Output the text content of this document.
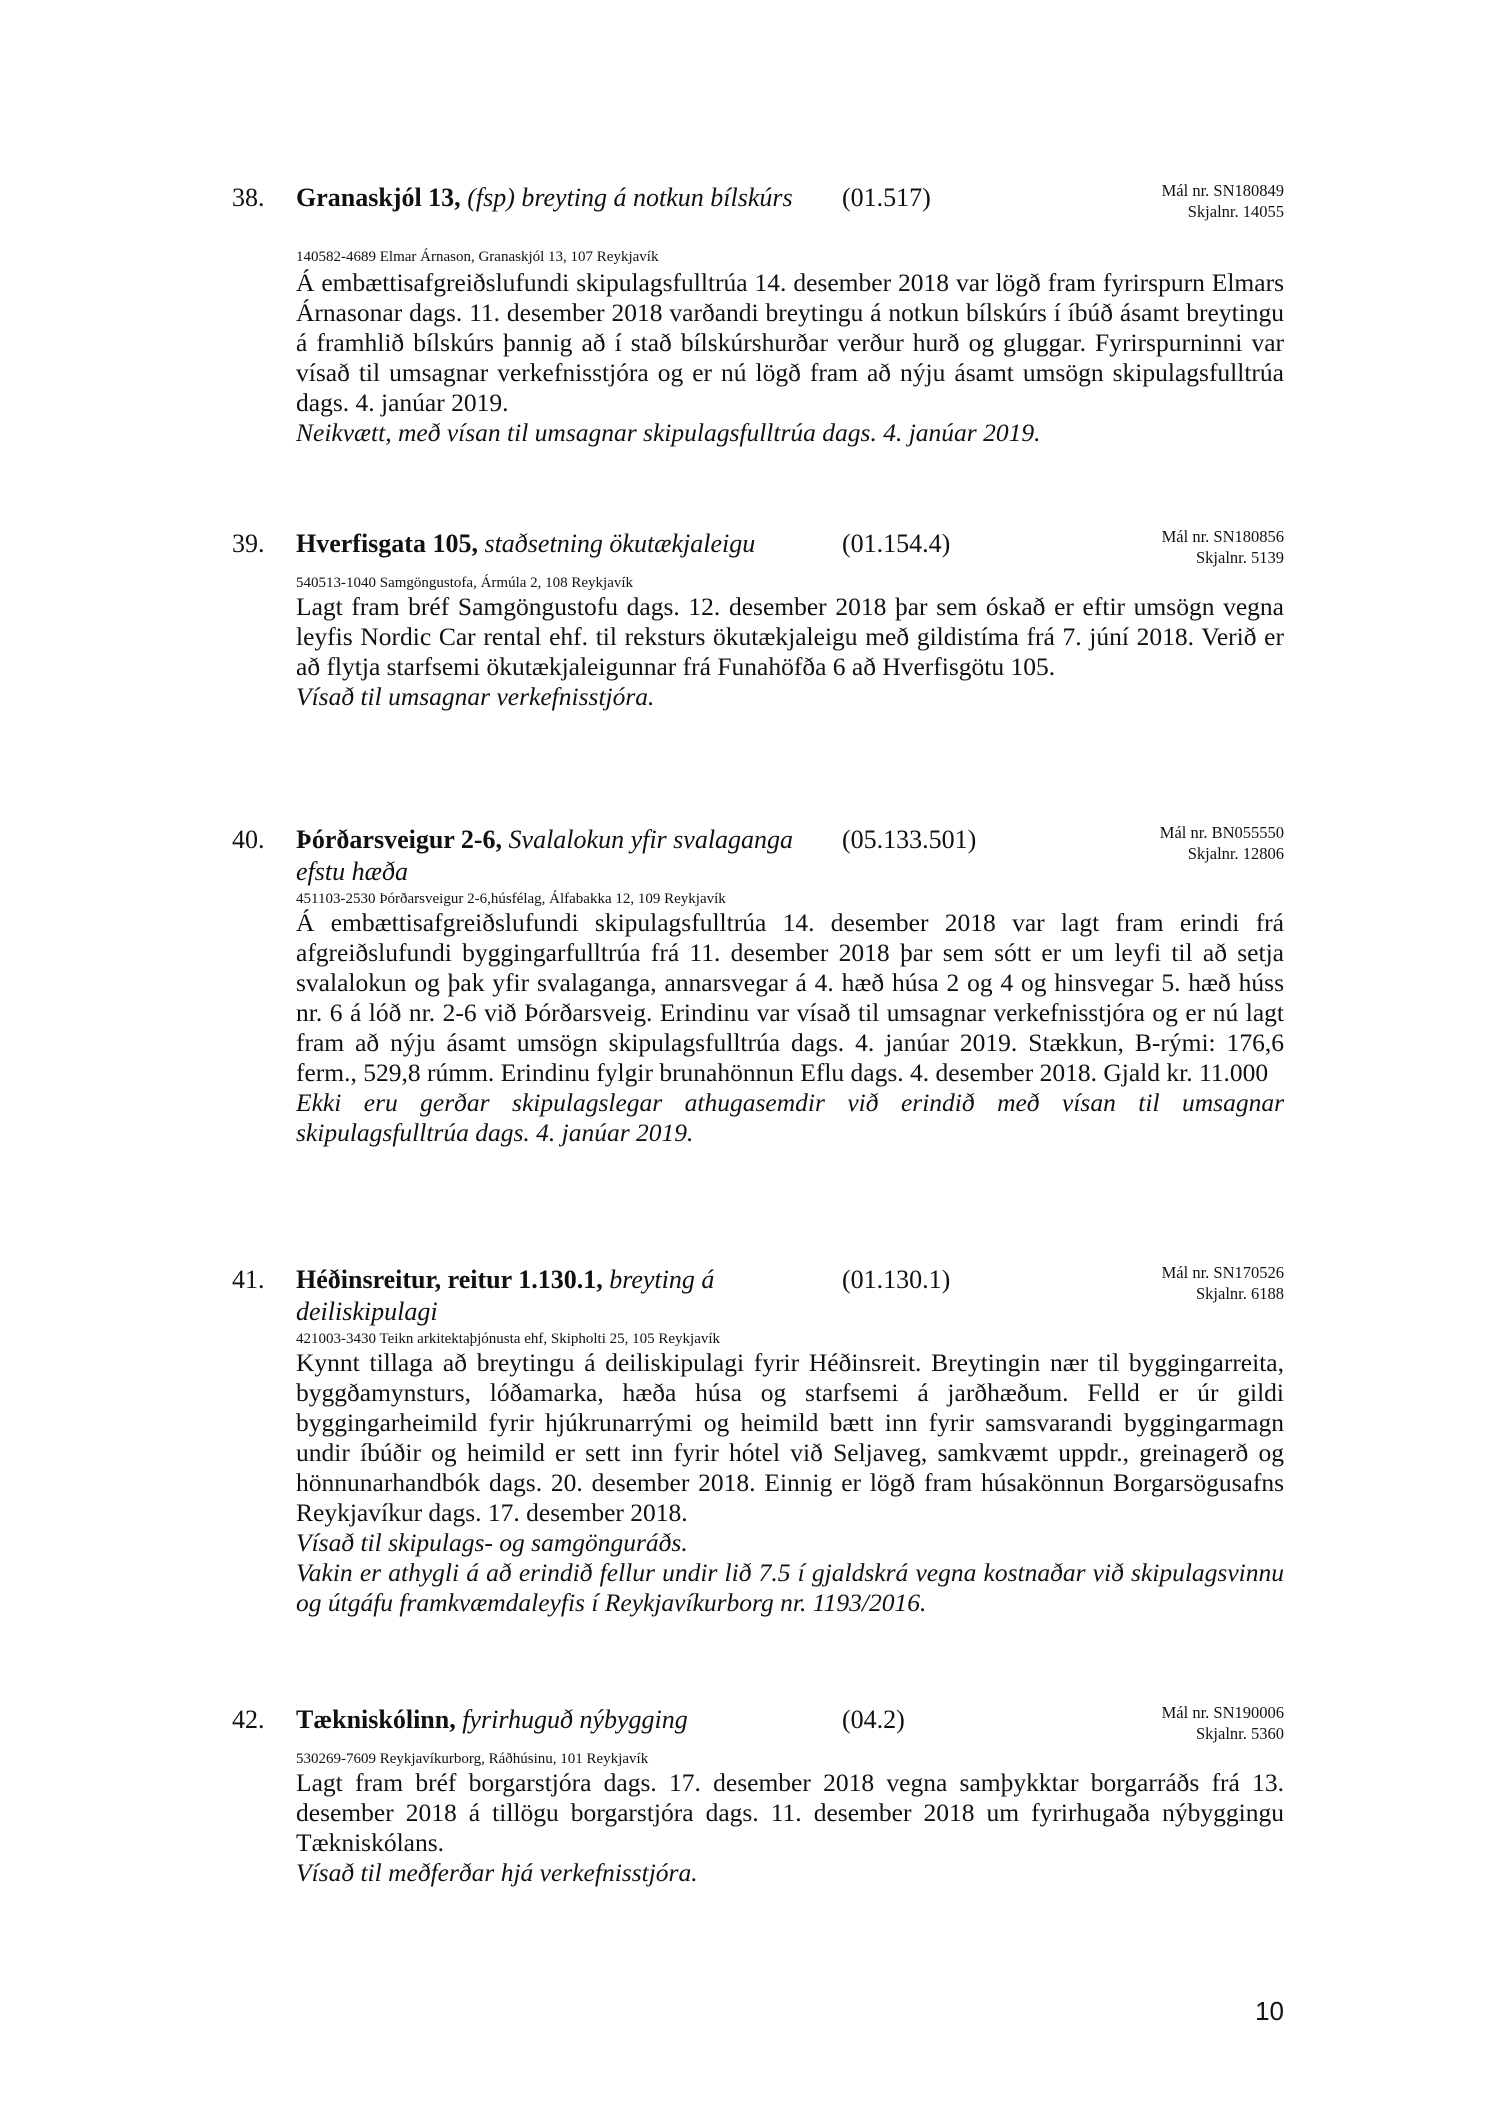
38. Granaskjól 13, (fsp) breyting á notkun bílskúrs	(01.517)	Mál nr. SN180849
Skjalnr. 14055
140582-4689 Elmar Árnason, Granaskjól 13, 107 Reykjavík

Á embættisafgreiðslufundi skipulagsfulltrúa 14. desember 2018 var lögð fram fyrirspurn Elmars Árnasonar dags. 11. desember 2018 varðandi breytingu á notkun bílskúrs í íbúð ásamt breytingu á framhlið bílskúrs þannig að í stað bílskúrshurðar verður hurð og gluggar. Fyrirspurninni var vísað til umsagnar verkefnisstjóra og er nú lögð fram að nýju ásamt umsögn skipulagsfulltrúa dags. 4. janúar 2019.

Neikvætt, með vísan til umsagnar skipulagsfulltrúa dags. 4. janúar 2019.

39. Hverfisgata 105, staðsetning ökutækjaleigu	(01.154.4)	Mál nr. SN180856
Skjalnr. 5139
540513-1040 Samgöngustofa, Ármúla 2, 108 Reykjavík

Lagt fram bréf Samgöngustofu dags. 12. desember 2018 þar sem óskað er eftir umsögn vegna leyfis Nordic Car rental ehf. til reksturs ökutækjaleigu með gildistíma frá 7. júní 2018. Verið er að flytja starfsemi ökutækjaleigunnar frá Funahöfða 6 að Hverfisgötu 105.

Vísað til umsagnar verkefnisstjóra.

40. Þórðarsveigur 2-6, Svalalokun yfir svalaganga efstu hæða
(05.133.501)	Mál nr. BN055550
Skjalnr. 12806
451103-2530 Þórðarsveigur 2-6,húsfélag, Álfabakka 12, 109 Reykjavík

Á embættisafgreiðslufundi skipulagsfulltrúa 14. desember 2018 var lagt fram erindi frá afgreiðslufundi byggingarfulltrúa frá 11. desember 2018 þar sem sótt er um leyfi til að setja svalalokun og þak yfir svalaganga, annarsvegar á 4. hæð húsa 2 og 4 og hinsvegar 5. hæð húss nr. 6 á lóð nr. 2-6 við Þórðarsveig. Erindinu var vísað til umsagnar verkefnisstjóra og er nú lagt fram að nýju ásamt umsögn skipulagsfulltrúa dags. 4. janúar 2019. Stækkun, B-rými: 176,6 ferm., 529,8 rúmm. Erindinu fylgir brunahönnun Eflu dags. 4. desember 2018. Gjald kr. 11.000

Ekki eru gerðar skipulagslegar athugasemdir við erindið með vísan til umsagnar skipulagsfulltrúa dags. 4. janúar 2019.

41. Héðinsreitur, reitur 1.130.1, breyting á deiliskipulagi
(01.130.1)	Mál nr. SN170526
Skjalnr. 6188
421003-3430 Teikn arkitektaþjónusta ehf, Skipholti 25, 105 Reykjavík

Kynnt tillaga að breytingu á deiliskipulagi fyrir Héðinsreit. Breytingin nær til byggingarreita, byggðamynsturs, lóðamarka, hæða húsa og starfsemi á jarðhæðum. Felld er úr gildi byggingarheimild fyrir hjúkrunarrými og heimild bætt inn fyrir samsvarandi byggingarmagn undir íbúðir og heimild er sett inn fyrir hótel við Seljaveg, samkvæmt uppdr., greinagerð og hönnunarhandbók dags. 20. desember 2018. Einnig er lögð fram húsakönnun Borgarsögusafns Reykjavíkur dags. 17. desember 2018.

Vísað til skipulags- og samgönguráðs.

Vakin er athygli á að erindið fellur undir lið 7.5 í gjaldskrá vegna kostnaðar við skipulagsvinnu og útgáfu framkvæmdaleyfis í Reykjavíkurborg nr. 1193/2016.

42. Tækniskólinn, fyrirhuguð nýbygging	(04.2)	Mál nr. SN190006
Skjalnr. 5360
530269-7609 Reykjavíkurborg, Ráðhúsinu, 101 Reykjavík

Lagt fram bréf borgarstjóra dags. 17. desember 2018 vegna samþykktar borgarráðs frá 13. desember 2018 á tillögu borgarstjóra dags. 11. desember 2018 um fyrirhugaða nýbyggingu Tækniskólans.

Vísað til meðferðar hjá verkefnisstjóra.

10
